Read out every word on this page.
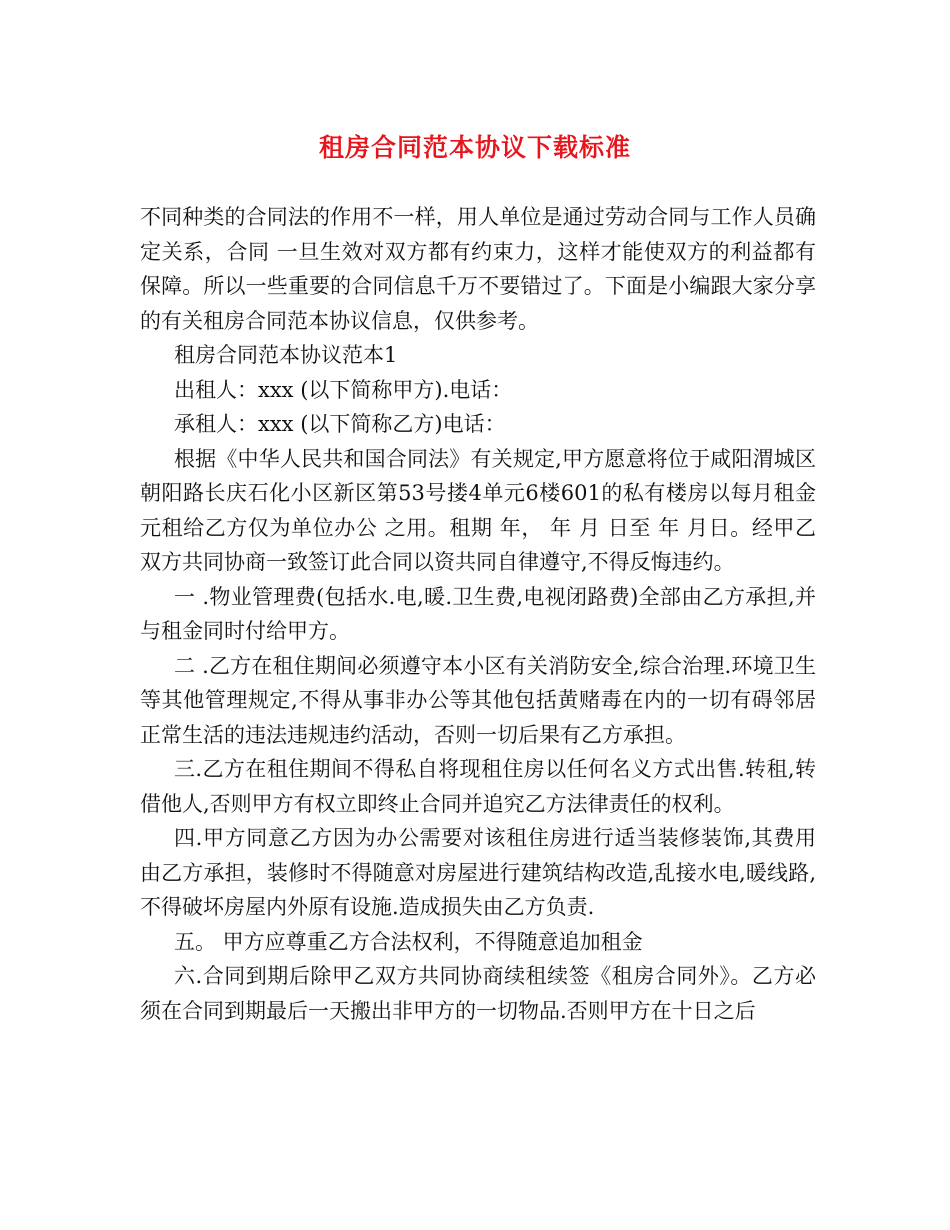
租房合同范本协议下载标准

不同种类的合同法的作用不一样，用人单位是通过劳动合同与工作人员确定关系，合同 一旦生效对双方都有约束力，这样才能使双方的利益都有保障。所以一些重要的合同信息千万不要错过了。下面是小编跟大家分享的有关租房合同范本协议信息，仅供参考。

租房合同范本协议范本1

出租人：xxx (以下简称甲方).电话：

承租人：xxx (以下简称乙方)电话：

根据《中华人民共和国合同法》有关规定,甲方愿意将位于咸阳渭城区朝阳路长庆石化小区新区第53号搂4单元6楼601的私有楼房以每月租金 元租给乙方仅为单位办公 之用。租期 年， 年 月 日至 年 月日。经甲乙双方共同协商一致签订此合同以资共同自律遵守,不得反悔违约。

一 .物业管理费(包括水.电,暖.卫生费,电视闭路费)全部由乙方承担,并与租金同时付给甲方。

二 .乙方在租住期间必须遵守本小区有关消防安全,综合治理.环境卫生等其他管理规定,不得从事非办公等其他包括黄赌毒在内的一切有碍邻居正常生活的违法违规违约活动，否则一切后果有乙方承担。

三.乙方在租住期间不得私自将现租住房以任何名义方式出售.转租,转借他人,否则甲方有权立即终止合同并追究乙方法律责任的权利。

四.甲方同意乙方因为办公需要对该租住房进行适当装修装饰,其费用由乙方承担，装修时不得随意对房屋进行建筑结构改造,乱接水电,暖线路,不得破坏房屋内外原有设施.造成损失由乙方负责.

五。 甲方应尊重乙方合法权利，不得随意追加租金

六.合同到期后除甲乙双方共同协商续租续签《租房合同外》。乙方必须在合同到期最后一天搬出非甲方的一切物品.否则甲方在十日之后
